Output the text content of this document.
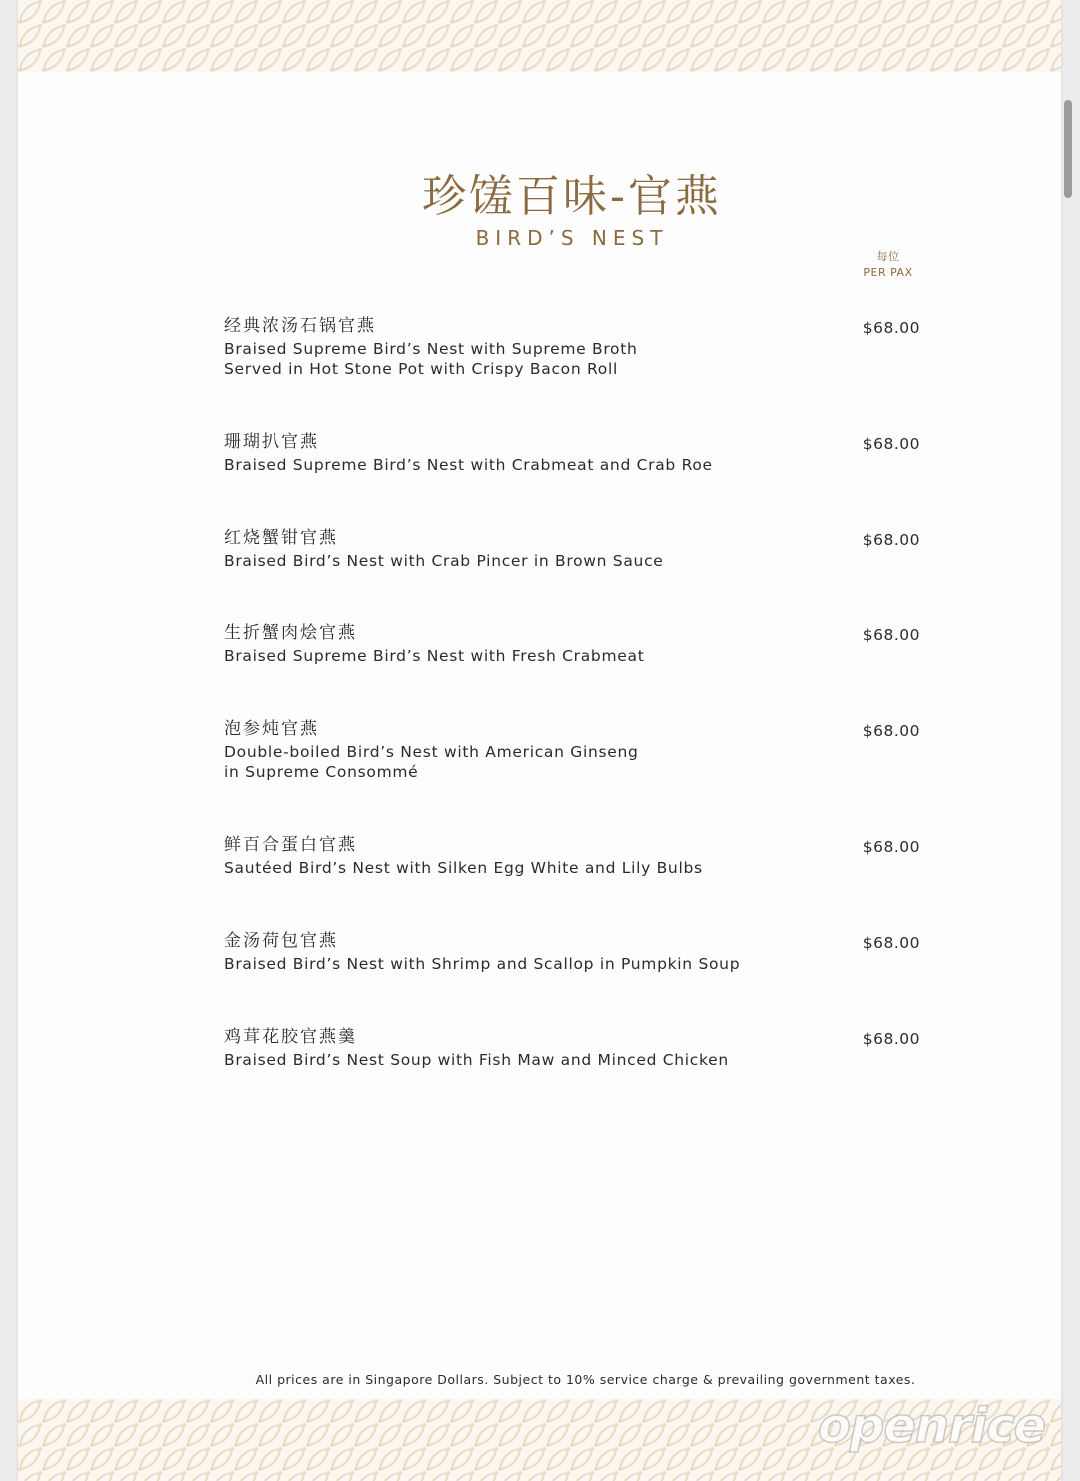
珍馐百味-官燕
BIRD’S NEST
每位
PER PAX
经典浓汤石锅官燕
Braised Supreme Bird’s Nest with Supreme Broth
Served in Hot Stone Pot with Crispy Bacon Roll
$68.00
珊瑚扒官燕
Braised Supreme Bird’s Nest with Crabmeat and Crab Roe
$68.00
红烧蟹钳官燕
Braised Bird’s Nest with Crab Pincer in Brown Sauce
$68.00
生折蟹肉烩官燕
Braised Supreme Bird’s Nest with Fresh Crabmeat
$68.00
泡参炖官燕
Double-boiled Bird’s Nest with American Ginseng
in Supreme Consommé
$68.00
鲜百合蛋白官燕
Sautéed Bird’s Nest with Silken Egg White and Lily Bulbs
$68.00
金汤荷包官燕
Braised Bird’s Nest with Shrimp and Scallop in Pumpkin Soup
$68.00
鸡茸花胶官燕羹
Braised Bird’s Nest Soup with Fish Maw and Minced Chicken
$68.00
All prices are in Singapore Dollars. Subject to 10% service charge & prevailing government taxes.
openrice
